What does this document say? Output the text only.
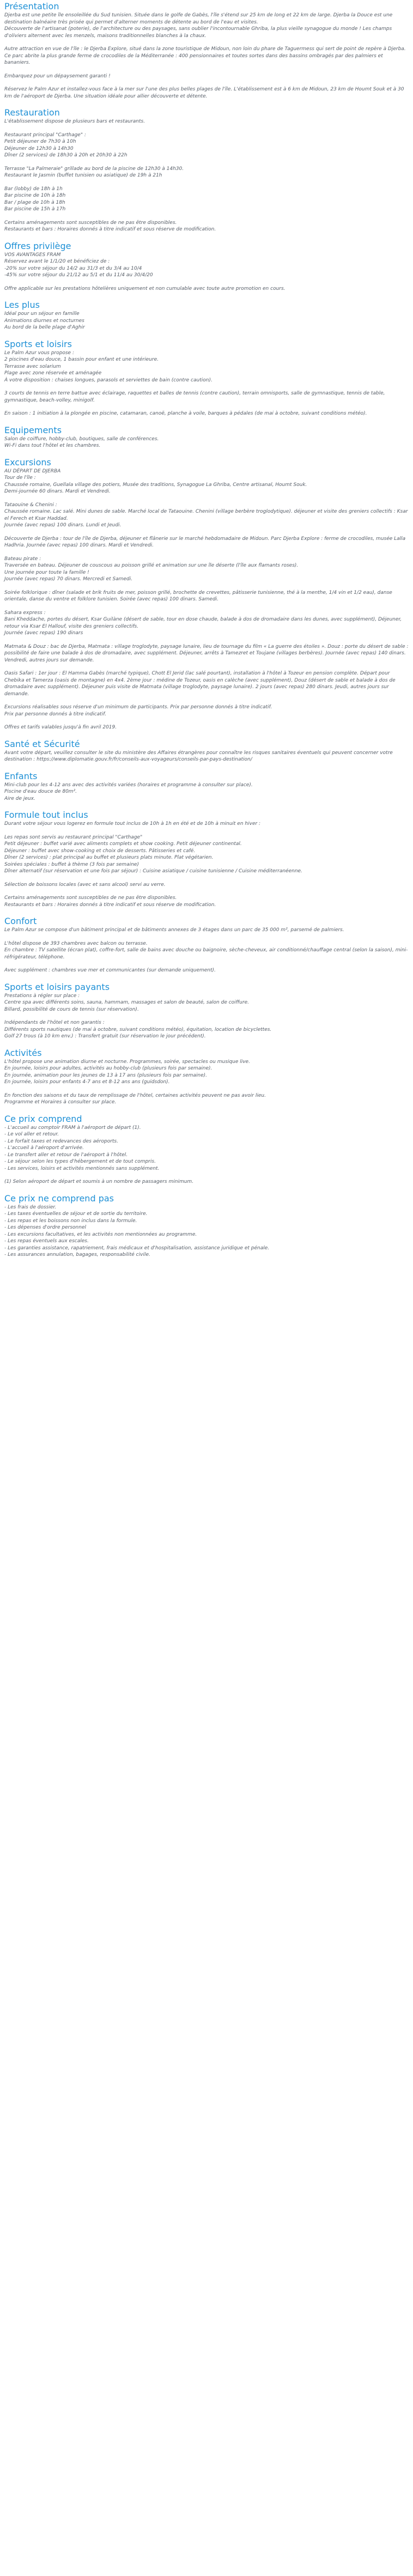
Présentation

Djerba est une petite île ensoleillée du Sud tunisien. Située dans le golfe de Gabès, l'île s'étend sur 25 km de long et 22 km de large. Djerba la Douce est une destination balnéaire très prisée qui permet d'alterner moments de détente au bord de l'eau et visites.

Découverte de l'artisanat (poterie), de l'architecture ou des paysages, sans oublier l'incontournable Ghriba, la plus vieille synagogue du monde ! Les champs d'oliviers alternent avec les menzels, maisons traditionnelles blanches à la chaux.

Autre attraction en vue de l'île : le Djerba Explore, situé dans la zone touristique de Midoun, non loin du phare de Taguermess qui sert de point de repère à Djerba. Ce parc abrite la plus grande ferme de crocodiles de la Méditerranée : 400 pensionnaires et toutes sortes dans des bassins ombragés par des palmiers et bananiers.

Embarquez pour un dépaysement garanti !

Réservez le Palm Azur et installez-vous face à la mer sur l'une des plus belles plages de l'île. L'établissement est à 6 km de Midoun, 23 km de Houmt Souk et à 30 km de l'aéroport de Djerba. Une situation idéale pour allier découverte et détente.

Restauration

L'établissement dispose de plusieurs bars et restaurants.

Restaurant principal "Carthage" :

Petit déjeuner de 7h30 à 10h

Déjeuner de 12h30 à 14h30

Dîner (2 services) de 18h30 à 20h et 20h30 à 22h

Terrasse "La Palmeraie" grillade au bord de la piscine de 12h30 à 14h30.

Restaurant le Jasmin (buffet tunisien ou asiatique) de 19h à 21h

Bar (lobby) de 18h à 1h

Bar piscine de 10h à 18h

Bar / plage de 10h à 18h

Bar piscine de 15h à 17h

Certains aménagements sont susceptibles de ne pas être disponibles.

Restaurants et bars : Horaires donnés à titre indicatif et sous réserve de modification.

Offres privilège

VOS AVANTAGES FRAM

Réservez avant le 1/1/20 et bénéficiez de :

-20% sur votre séjour du 14/2 au 31/3 et du 3/4 au 10/4

-45% sur votre séjour du 21/12 au 5/1 et du 11/4 au 30/4/20

Offre applicable sur les prestations hôtelières uniquement et non cumulable avec toute autre promotion en cours.

Les plus

Idéal pour un séjour en famille

Animations diurnes et nocturnes

Au bord de la belle plage d'Aghir

Sports et loisirs

Le Palm Azur vous propose :

2 piscines d'eau douce, 1 bassin pour enfant et une intérieure.

Terrasse avec solarium

Plage avec zone réservée et aménagée

À votre disposition : chaises longues, parasols et serviettes de bain (contre caution).

3 courts de tennis en terre battue avec éclairage, raquettes et balles de tennis (contre caution), terrain omnisports, salle de gymnastique, tennis de table, gymnastique, beach-volley, minigolf.

En saison : 1 initiation à la plongée en piscine, catamaran, canoë, planche à voile, barques à pédales (de mai à octobre, suivant conditions météo).

Equipements

Salon de coiffure, hobby-club, boutiques, salle de conférences.

Wi-Fi dans tout l'hôtel et les chambres.

Excursions

AU DÉPART DE DJERBA

Tour de l'île :

Chaussée romaine, Guellala village des potiers, Musée des traditions, Synagogue La Ghriba, Centre artisanal, Houmt Souk.

Demi-journée 60 dinars. Mardi et Vendredi.

Tataouine & Chenini :

Chaussée romaine. Lac salé. Mini dunes de sable. Marché local de Tataouine. Chenini (village berbère troglodytique). déjeuner et visite des greniers collectifs : Ksar el Ferech et Ksar Haddad.

Journée (avec repas) 100 dinars. Lundi et Jeudi.

Découverte de Djerba : tour de l'île de Djerba, déjeuner et flânerie sur le marché hebdomadaire de Midoun. Parc Djerba Explore : ferme de crocodiles, musée Lalla Hadhria. Journée (avec repas) 100 dinars. Mardi et Vendredi.

Bateau pirate :

Traversée en bateau. Déjeuner de couscous au poisson grillé et animation sur une île déserte (l'île aux flamants roses).

Une journée pour toute la famille !

Journée (avec repas) 70 dinars. Mercredi et Samedi.

Soirée folklorique : dîner (salade et brik fruits de mer, poisson grillé, brochette de crevettes, pâtisserie tunisienne, thé à la menthe, 1/4 vin et 1/2 eau), danse orientale, danse du ventre et folklore tunisien. Soirée (avec repas) 100 dinars. Samedi.

Sahara express :

Bani Kheddache, portes du désert, Ksar Guilàne (désert de sable, tour en dose chaude, balade à dos de dromadaire dans les dunes, avec supplément), Déjeuner,

retour via Ksar El Hallouf, visite des greniers collectifs.

Journée (avec repas) 190 dinars

Matmata & Douz : bac de Djerba, Matmata : village troglodyte, paysage lunaire, lieu de tournage du film « La guerre des étoiles ». Douz : porte du désert de sable : possibilité de faire une balade à dos de dromadaire, avec supplément. Déjeuner, arrêts à Tamezret et Toujane (villages berbères). Journée (avec repas) 140 dinars. Vendredi, autres jours sur demande.

Oasis Safari : 1er jour : El Hamma Gabès (marché typique), Chott El Jerid (lac salé pourtant), installation à l'hôtel à Tozeur en pension complète. Départ pour Chebika et Tamerza (oasis de montagne) en 4x4. 2ème jour : médine de Tozeur, oasis en calèche (avec supplément), Douz (désert de sable et balade à dos de dromadaire avec supplément). Déjeuner puis visite de Matmata (village troglodyte, paysage lunaire). 2 jours (avec repas) 280 dinars. Jeudi, autres jours sur demande.

Excursions réalisables sous réserve d'un minimum de participants. Prix par personne donnés à titre indicatif.

Prix par personne donnés à titre indicatif.

Offres et tarifs valables jusqu'à fin avril 2019.

Santé et Sécurité

Avant votre départ, veuillez consulter le site du ministère des Affaires étrangères pour connaître les risques sanitaires éventuels qui peuvent concerner votre destination : https://www.diplomatie.gouv.fr/fr/conseils-aux-voyageurs/conseils-par-pays-destination/

Enfants

Mini-club pour les 4-12 ans avec des activités variées (horaires et programme à consulter sur place).

Piscine d'eau douce de 80m².

Aire de jeux.

Formule tout inclus

Durant votre séjour vous logerez en formule tout inclus de 10h à 1h en été et de 10h à minuit en hiver :

Les repas sont servis au restaurant principal "Carthage"

Petit déjeuner : buffet varié avec aliments complets et show cooking. Petit déjeuner continental.

Déjeuner : buffet avec show-cooking et choix de desserts. Pâtisseries et café.

Dîner (2 services) : plat principal au buffet et plusieurs plats minute. Plat végétarien.

Soirées spéciales : buffet à thème (3 fois par semaine)

Dîner alternatif (sur réservation et une fois par séjour) : Cuisine asiatique / cuisine tunisienne / Cuisine méditerranéenne.

Sélection de boissons locales (avec et sans alcool) servi au verre.

Certains aménagements sont susceptibles de ne pas être disponibles.

Restaurants et bars : Horaires donnés à titre indicatif et sous réserve de modification.

Confort

Le Palm Azur se compose d'un bâtiment principal et de bâtiments annexes de 3 étages dans un parc de 35 000 m², parsemé de palmiers.

L'hôtel dispose de 393 chambres avec balcon ou terrasse.

En chambre : TV satellite (écran plat), coffre-fort, salle de bains avec douche ou baignoire, sèche-cheveux, air conditionné/chauffage central (selon la saison), mini-réfrigérateur, téléphone.

Avec supplément : chambres vue mer et communicantes (sur demande uniquement).

Sports et loisirs payants

Prestations à régler sur place :

Centre spa avec différents soins, sauna, hammam, massages et salon de beauté, salon de coiffure.

Billard, possibilité de cours de tennis (sur réservation).

Indépendants de l'hôtel et non garantis :

Différents sports nautiques (de mai à octobre, suivant conditions météo), équitation, location de bicyclettes.

Golf 27 trous (à 10 km env.) : Transfert gratuit (sur réservation le jour précédent).

Activités

L'hôtel propose une animation diurne et nocturne. Programmes, soirée, spectacles ou musique live.

En journée, loisirs pour adultes, activités au hobby-club (plusieurs fois par semaine).

En journée, animation pour les jeunes de 13 à 17 ans (plusieurs fois par semaine).

En journée, loisirs pour enfants 4-7 ans et 8-12 ans ans (guidsdon).

En fonction des saisons et du taux de remplissage de l'hôtel, certaines activités peuvent ne pas avoir lieu.

Programme et Horaires à consulter sur place.

Ce prix comprend

- L'accueil au comptoir FRAM à l'aéroport de départ (1).

- Le vol aller et retour.

- Le forfait taxes et redevances des aéroports.

- L'accueil à l'aéroport d'arrivée.

- Le transfert aller et retour de l'aéroport à l'hôtel.

- Le séjour selon les types d'hébergement et de tout compris.

- Les services, loisirs et activités mentionnés sans supplément.

(1) Selon aéroport de départ et soumis à un nombre de passagers minimum.

Ce prix ne comprend pas

- Les frais de dossier.

- Les taxes éventuelles de séjour et de sortie du territoire.

- Les repas et les boissons non inclus dans la formule.

- Les dépenses d'ordre personnel

- Les excursions facultatives, et les activités non mentionnées au programme.

- Les repas éventuels aux escales.

- Les garanties assistance, rapatriement, frais médicaux et d'hospitalisation, assistance juridique et pénale.

- Les assurances annulation, bagages, responsabilité civile.
